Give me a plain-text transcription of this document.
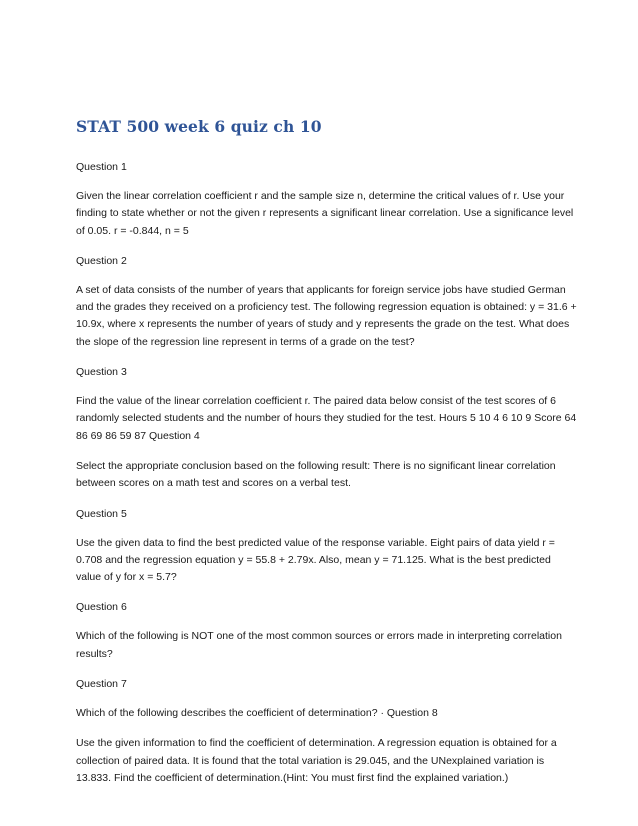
STAT 500 week 6 quiz ch 10

Question 1

Given the linear correlation coefficient r and the sample size n, determine the critical values of r. Use your finding to state whether or not the given r represents a significant linear correlation. Use a significance level of 0.05. r = -0.844, n = 5

Question 2

A set of data consists of the number of years that applicants for foreign service jobs have studied German and the grades they received on a proficiency test. The following regression equation is obtained: y = 31.6 + 10.9x, where x represents the number of years of study and y represents the grade on the test. What does the slope of the regression line represent in terms of a grade on the test?

Question 3

Find the value of the linear correlation coefficient r. The paired data below consist of the test scores of 6 randomly selected students and the number of hours they studied for the test. Hours 5 10 4 6 10 9 Score 64 86 69 86 59 87 Question 4

Select the appropriate conclusion based on the following result: There is no significant linear correlation between scores on a math test and scores on a verbal test.

Question 5

Use the given data to find the best predicted value of the response variable. Eight pairs of data yield r = 0.708 and the regression equation y = 55.8 + 2.79x. Also, mean y = 71.125. What is the best predicted value of y for x = 5.7?

Question 6

Which of the following is NOT one of the most common sources or errors made in interpreting correlation results?

Question 7

Which of the following describes the coefficient of determination? · Question 8

Use the given information to find the coefficient of determination. A regression equation is obtained for a collection of paired data. It is found that the total variation is 29.045, and the UNexplained variation is 13.833. Find the coefficient of determination.(Hint: You must first find the explained variation.)
